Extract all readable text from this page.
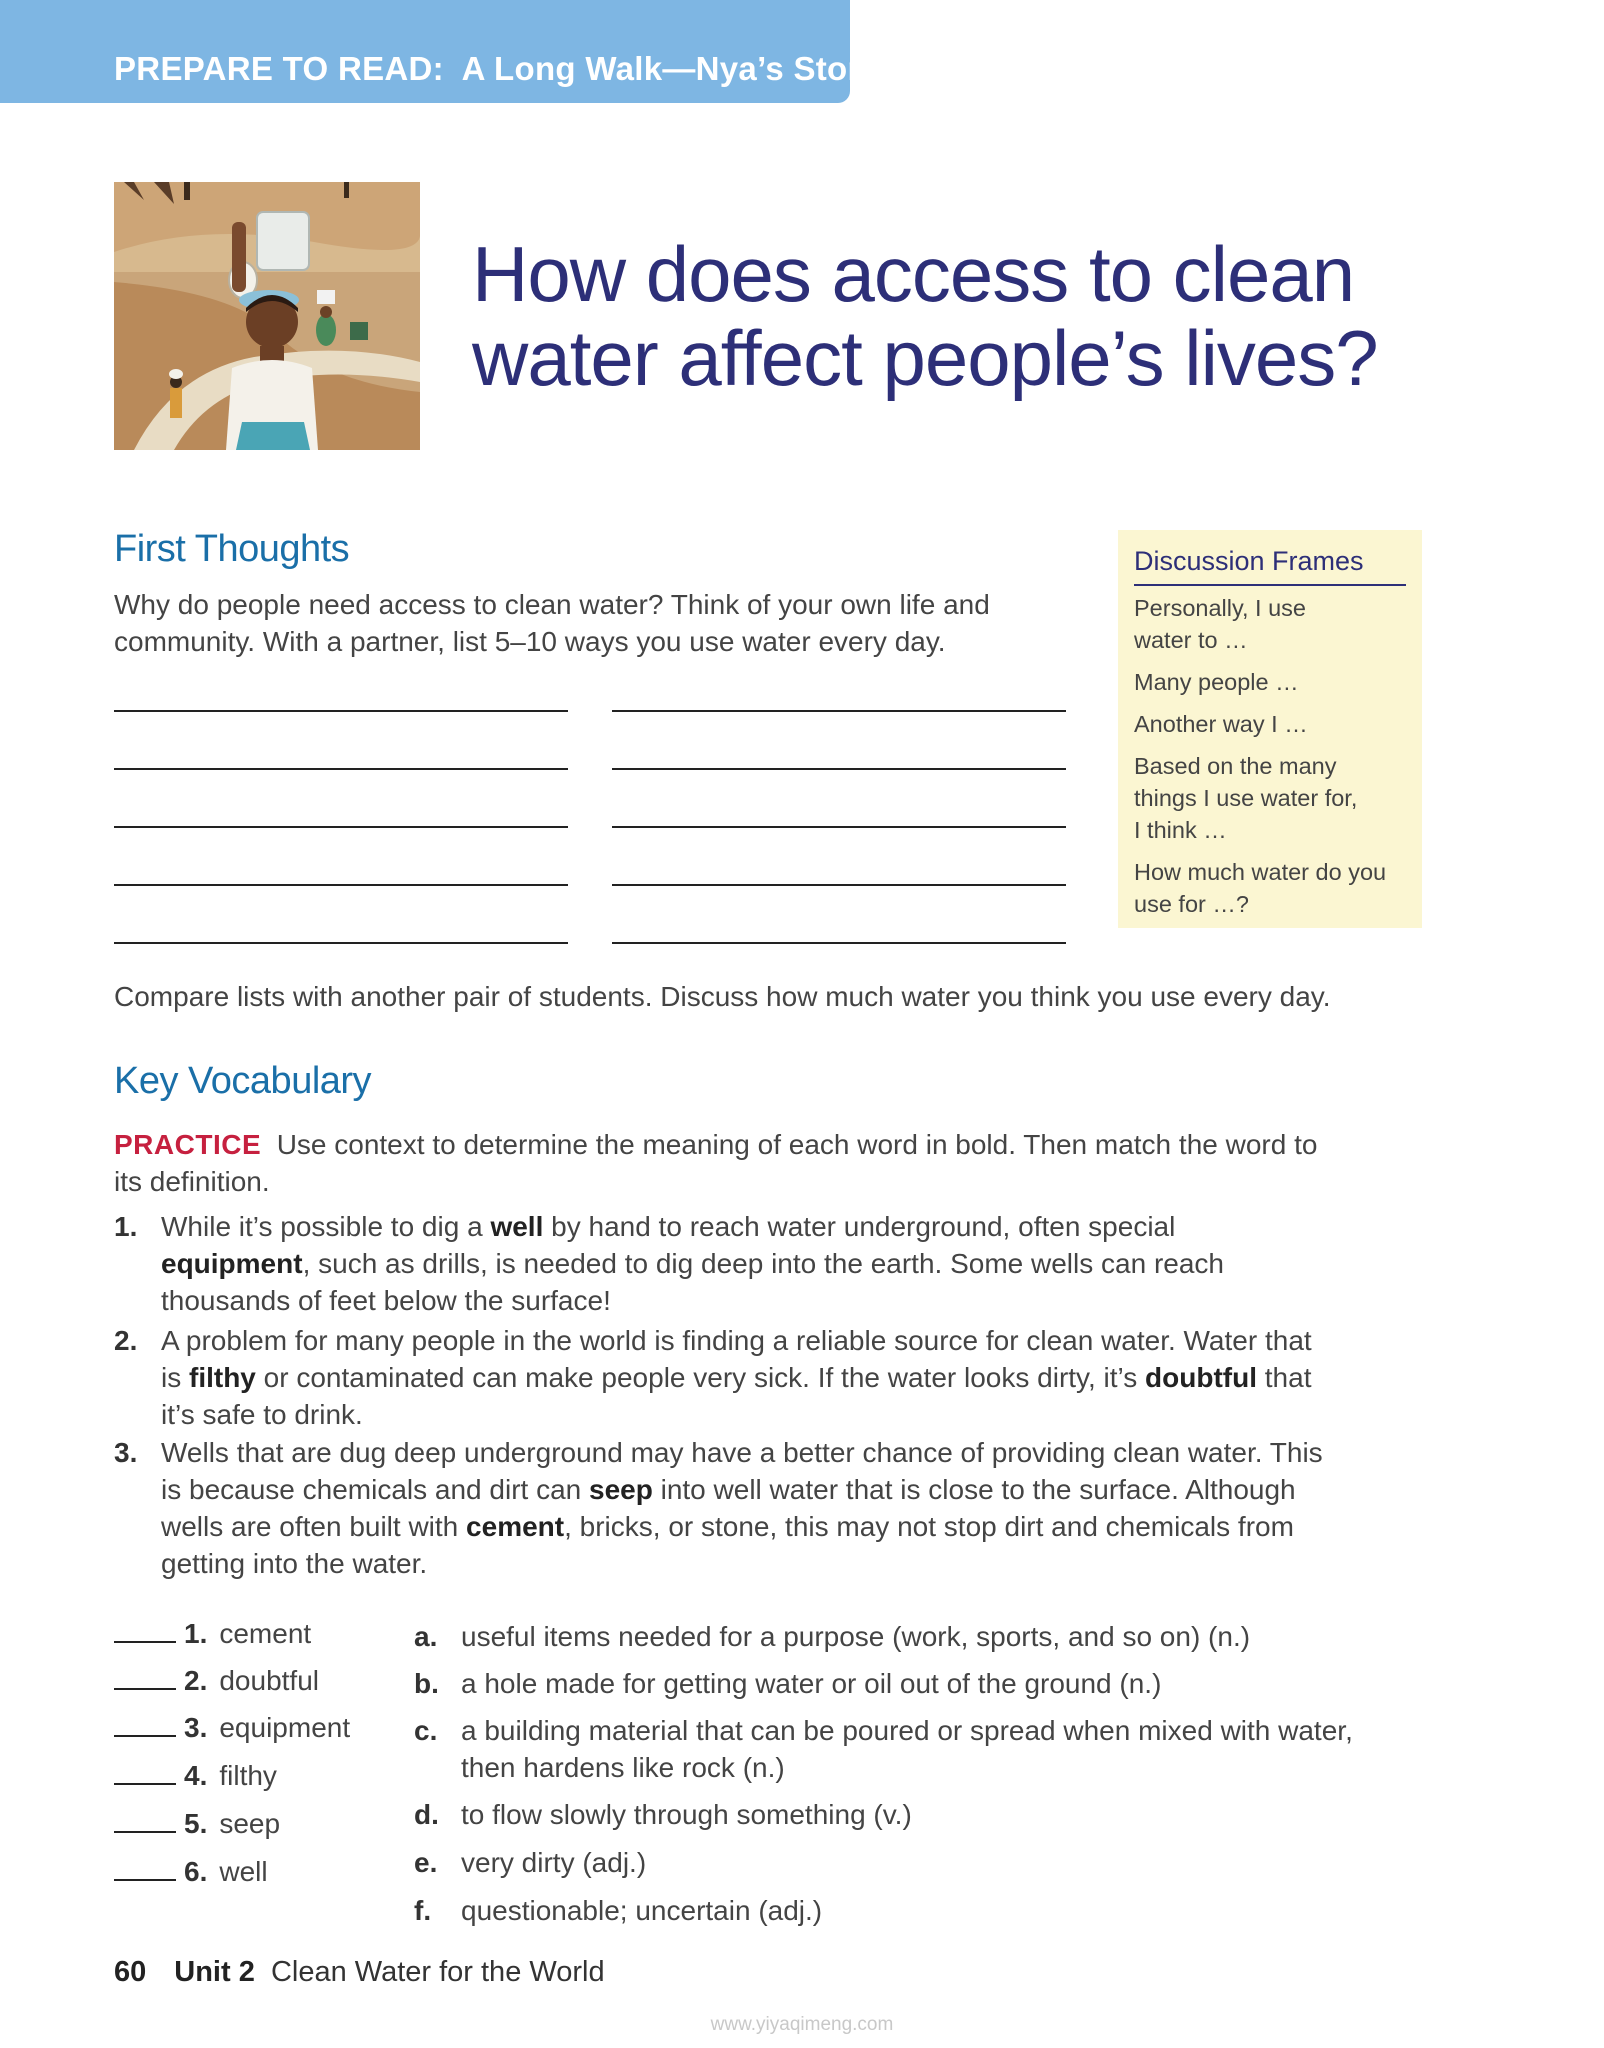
PREPARE TO READ: A Long Walk—Nya’s Story
How does access to clean
water affect people’s lives?
First Thoughts
Why do people need access to clean water? Think of your own life and
community. With a partner, list 5–10 ways you use water every day.
Discussion Frames
Personally, I use
water to …
Many people …
Another way I …
Based on the many
things I use water for,
I think …
How much water do you
use for …?
Compare lists with another pair of students. Discuss how much water you think you use every day.
Key Vocabulary
PRACTICE Use context to determine the meaning of each word in bold. Then match the word to
its definition.
1. While it’s possible to dig a well by hand to reach water underground, often special
equipment, such as drills, is needed to dig deep into the earth. Some wells can reach
thousands of feet below the surface!
2. A problem for many people in the world is finding a reliable source for clean water. Water that
is filthy or contaminated can make people very sick. If the water looks dirty, it’s doubtful that
it’s safe to drink.
3. Wells that are dug deep underground may have a better chance of providing clean water. This
is because chemicals and dirt can seep into well water that is close to the surface. Although
wells are often built with cement, bricks, or stone, this may not stop dirt and chemicals from
getting into the water.
1. cement
2. doubtful
3. equipment
4. filthy
5. seep
6. well
a. useful items needed for a purpose (work, sports, and so on) (n.)
b. a hole made for getting water or oil out of the ground (n.)
c. a building material that can be poured or spread when mixed with water,
then hardens like rock (n.)
d. to flow slowly through something (v.)
e. very dirty (adj.)
f. questionable; uncertain (adj.)
60 Unit 2 Clean Water for the World
www.yiyaqimeng.com
